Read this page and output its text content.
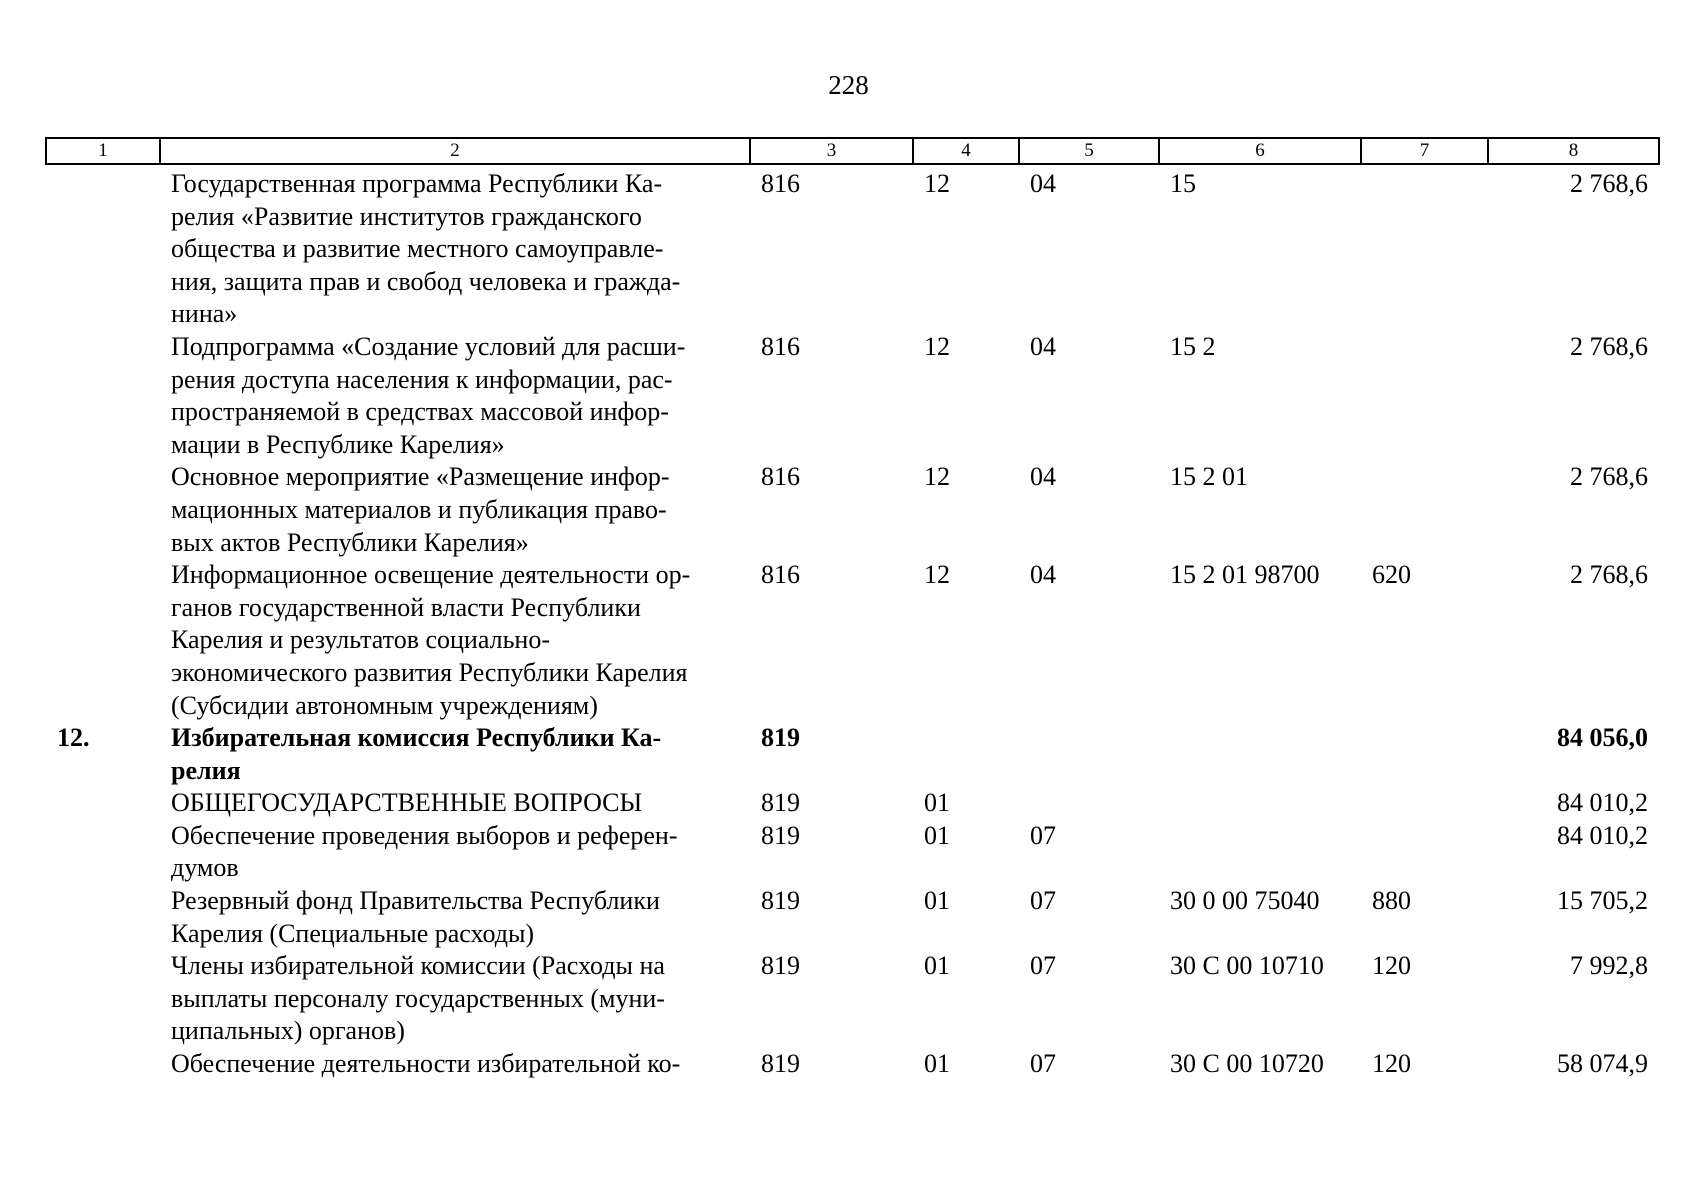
228
1	2	3	4	5	6	7	8
	Государственная программа Республики Ка-
релия «Развитие институтов гражданского
общества и развитие местного самоуправле-
ния, защита прав и свобод человека и гражда-
нина»	816	12	04	15		2 768,6
	Подпрограмма «Создание условий для расши-
рения доступа населения к информации, рас-
пространяемой в средствах массовой инфор-
мации в Республике Карелия»	816	12	04	15 2		2 768,6
	Основное мероприятие «Размещение инфор-
мационных материалов и публикация право-
вых актов Республики Карелия»	816	12	04	15 2 01		2 768,6
	Информационное освещение деятельности ор-
ганов государственной власти Республики
Карелия и результатов социально-
экономического развития Республики Карелия
(Субсидии автономным учреждениям)	816	12	04	15 2 01 98700	620	2 768,6
12.	Избирательная комиссия Республики Ка-
релия	819					84 056,0
	ОБЩЕГОСУДАРСТВЕННЫЕ ВОПРОСЫ	819	01				84 010,2
	Обеспечение проведения выборов и референ-
думов	819	01	07			84 010,2
	Резервный фонд Правительства Республики
Карелия (Специальные расходы)	819	01	07	30 0 00 75040	880	15 705,2
	Члены избирательной комиссии (Расходы на
выплаты персоналу государственных (муни-
ципальных) органов)	819	01	07	30 С 00 10710	120	7 992,8
	Обеспечение деятельности избирательной ко-	819	01	07	30 С 00 10720	120	58 074,9
